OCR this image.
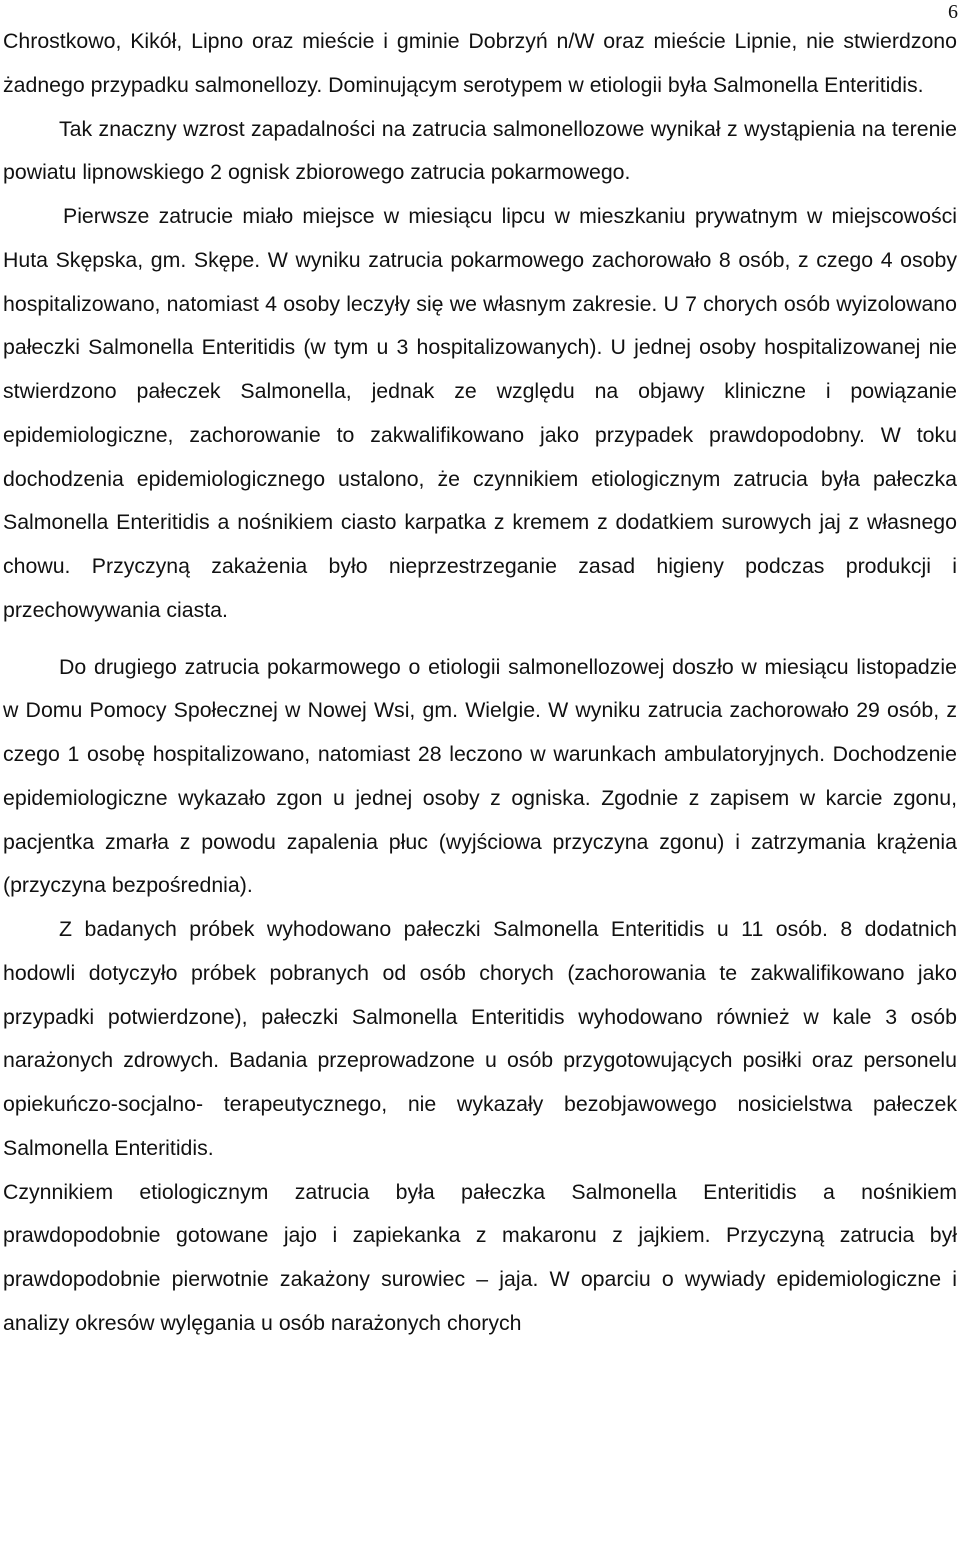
6

Chrostkowo, Kikół, Lipno oraz mieście i gminie Dobrzyń n/W oraz mieście Lipnie, nie stwierdzono żadnego przypadku salmonellozy. Dominującym serotypem w etiologii była Salmonella Enteritidis.

Tak znaczny wzrost zapadalności na zatrucia salmonellozowe wynikał z wystąpienia na terenie powiatu lipnowskiego 2 ognisk zbiorowego zatrucia pokarmowego.

Pierwsze zatrucie miało miejsce w miesiącu lipcu w mieszkaniu prywatnym w miejscowości Huta Skępska, gm. Skępe. W wyniku zatrucia pokarmowego zachorowało 8 osób, z czego 4 osoby hospitalizowano, natomiast 4 osoby leczyły się we własnym zakresie. U 7 chorych osób wyizolowano pałeczki Salmonella Enteritidis (w tym u 3 hospitalizowanych). U jednej osoby hospitalizowanej nie stwierdzono pałeczek Salmonella, jednak ze względu na objawy kliniczne i powiązanie epidemiologiczne, zachorowanie to zakwalifikowano jako przypadek prawdopodobny. W toku dochodzenia epidemiologicznego ustalono, że czynnikiem etiologicznym zatrucia była pałeczka Salmonella Enteritidis a nośnikiem ciasto karpatka z kremem z dodatkiem surowych jaj z własnego chowu. Przyczyną zakażenia było nieprzestrzeganie zasad higieny podczas produkcji i przechowywania ciasta.

Do drugiego zatrucia pokarmowego o etiologii salmonellozowej doszło w miesiącu listopadzie w Domu Pomocy Społecznej w Nowej Wsi, gm. Wielgie. W wyniku zatrucia zachorowało 29 osób, z czego 1 osobę hospitalizowano, natomiast 28 leczono w warunkach ambulatoryjnych. Dochodzenie epidemiologiczne wykazało zgon u jednej osoby z ogniska. Zgodnie z zapisem w karcie zgonu, pacjentka zmarła z powodu zapalenia płuc (wyjściowa przyczyna zgonu) i zatrzymania krążenia (przyczyna bezpośrednia).

Z badanych próbek wyhodowano pałeczki Salmonella Enteritidis u 11 osób. 8 dodatnich hodowli dotyczyło próbek pobranych od osób chorych (zachorowania te zakwalifikowano jako przypadki potwierdzone), pałeczki Salmonella Enteritidis wyhodowano również w kale 3 osób narażonych zdrowych. Badania przeprowadzone u osób przygotowujących posiłki oraz personelu opiekuńczo-socjalno- terapeutycznego, nie wykazały bezobjawowego nosicielstwa pałeczek Salmonella Enteritidis.

Czynnikiem etiologicznym zatrucia była pałeczka Salmonella Enteritidis a nośnikiem prawdopodobnie gotowane jajo i zapiekanka z makaronu z jajkiem. Przyczyną zatrucia był prawdopodobnie pierwotnie zakażony surowiec – jaja. W oparciu o wywiady epidemiologiczne i analizy okresów wylęgania u osób narażonych chorych
